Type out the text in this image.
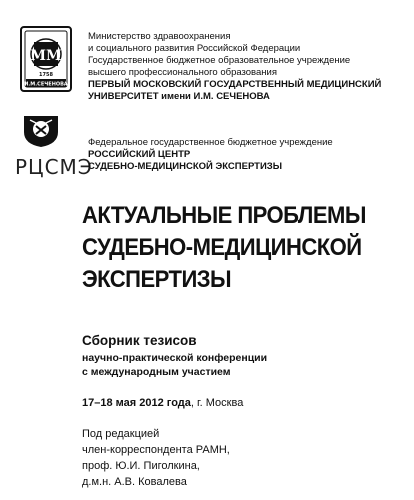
ММ
1758
И.М.СЕЧЕНОВА
Министерство здравоохранения
и социального развития Российской Федерации
Государственное бюджетное образовательное учреждение
высшего профессионального образования
ПЕРВЫЙ МОСКОВСКИЙ ГОСУДАРСТВЕННЫЙ МЕДИЦИНСКИЙ
УНИВЕРСИТЕТ имени И.М. СЕЧЕНОВА
РЦСМЭ
Федеральное государственное бюджетное учреждение
РОССИЙСКИЙ ЦЕНТР
СУДЕБНО-МЕДИЦИНСКОЙ ЭКСПЕРТИЗЫ
АКТУАЛЬНЫЕ ПРОБЛЕМЫ
СУДЕБНО-МЕДИЦИНСКОЙ
ЭКСПЕРТИЗЫ
Сборник тезисов
научно-практической конференции
с международным участием
17–18 мая 2012 года, г. Москва
Под редакцией
член-корреспондента РАМН,
проф. Ю.И. Пиголкина,
д.м.н. А.В. Ковалева
